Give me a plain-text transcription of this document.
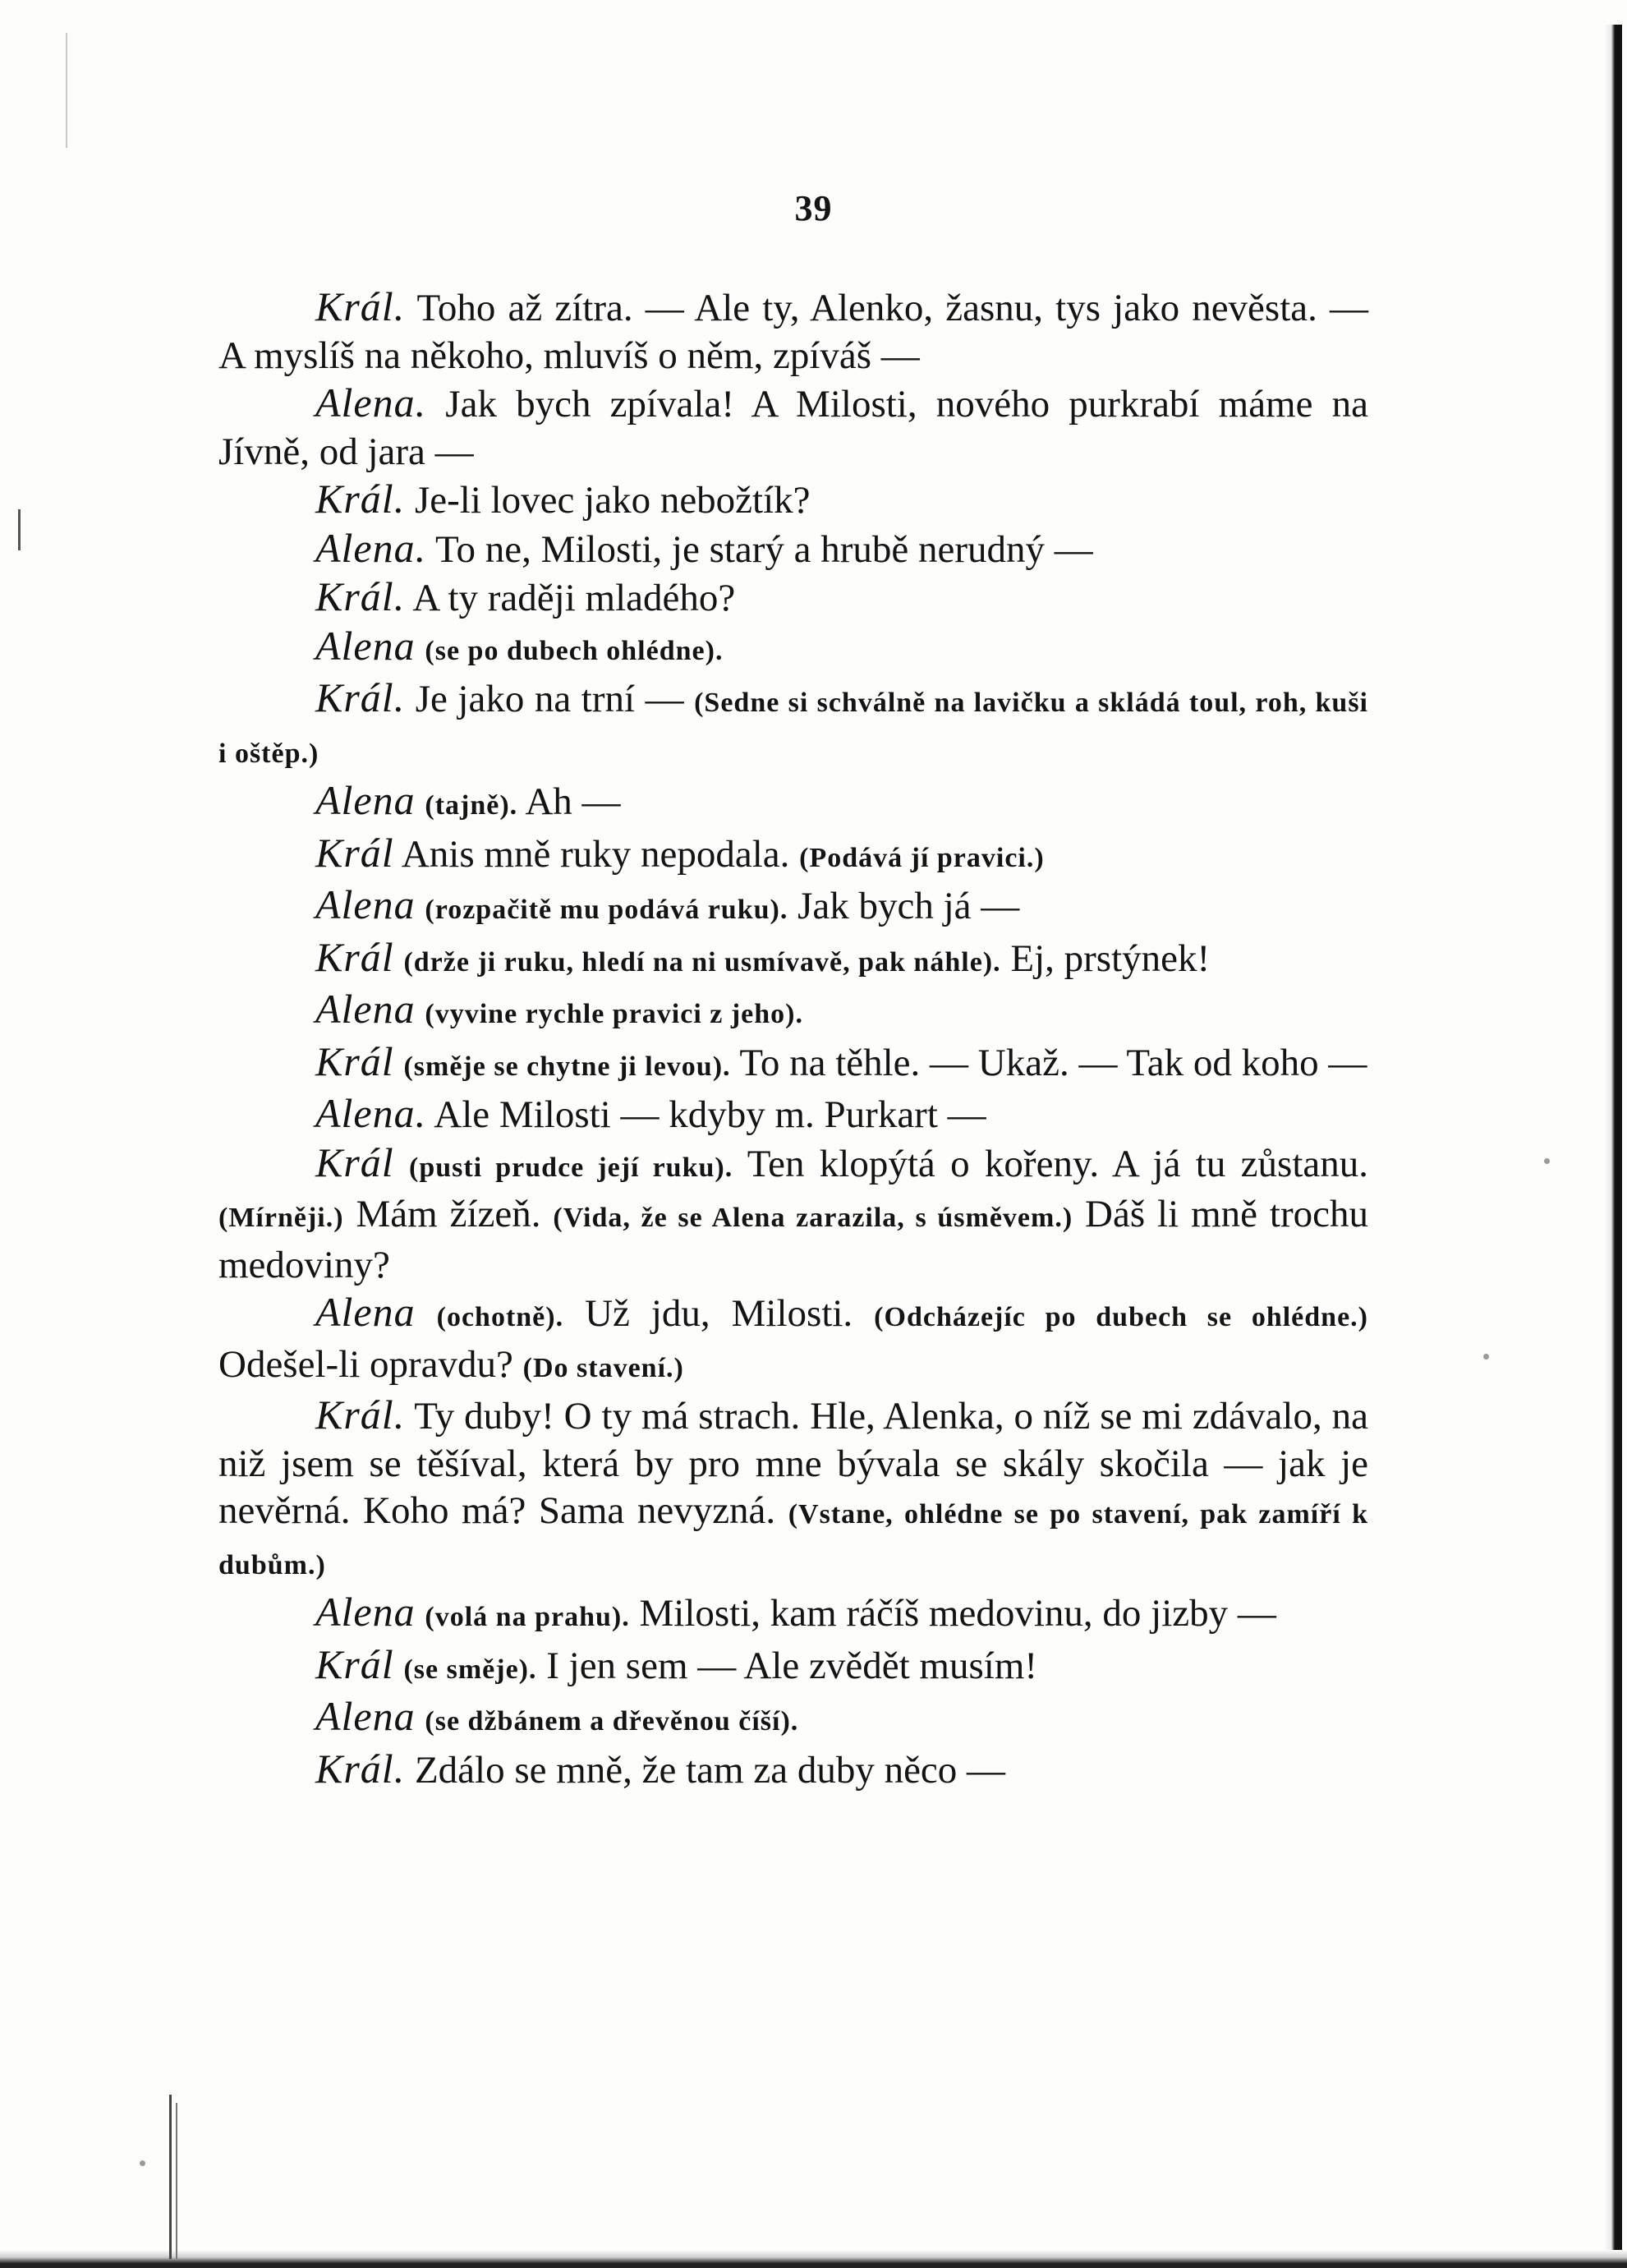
39

Král. Toho až zítra. — Ale ty, Alenko, žasnu, tys jako nevěsta. — A myslíš na někoho, mluvíš o něm, zpíváš —

Alena. Jak bych zpívala! A Milosti, nového purkrabí máme na Jívně, od jara —

Král. Je-li lovec jako nebožtík?

Alena. To ne, Milosti, je starý a hrubě nerudný —

Král. A ty raději mladého?

Alena (se po dubech ohlédne).

Král. Je jako na trní — (Sedne si schválně na lavičku a skládá toul, roh, kuši i oštěp.)

Alena (tajně). Ah —

Král Anis mně ruky nepodala. (Podává jí pravici.)

Alena (rozpačitě mu podává ruku). Jak bych já —

Král (drže ji ruku, hledí na ni usmívavě, pak náhle). Ej, prstýnek!

Alena (vyvine rychle pravici z jeho).

Král (směje se chytne ji levou). To na těhle. — Ukaž. — Tak od koho —

Alena. Ale Milosti — kdyby m. Purkart —

Král (pusti prudce její ruku). Ten klopýtá o kořeny. A já tu zůstanu. (Mírněji.) Mám žízeň. (Vida, že se Alena zarazila, s úsměvem.) Dáš li mně trochu medoviny?

Alena (ochotně). Už jdu, Milosti. (Odcházejíc po dubech se ohlédne.) Odešel-li opravdu? (Do stavení.)

Král. Ty duby! O ty má strach. Hle, Alenka, o níž se mi zdávalo, na niž jsem se těšíval, která by pro mne bývala se skály skočila — jak je nevěrná. Koho má? Sama nevyzná. (Vstane, ohlédne se po stavení, pak zamíří k dubům.)

Alena (volá na prahu). Milosti, kam ráčíš medovinu, do jizby —

Král (se směje). I jen sem — Ale zvědět musím!

Alena (se džbánem a dřevěnou číší).

Král. Zdálo se mně, že tam za duby něco —
